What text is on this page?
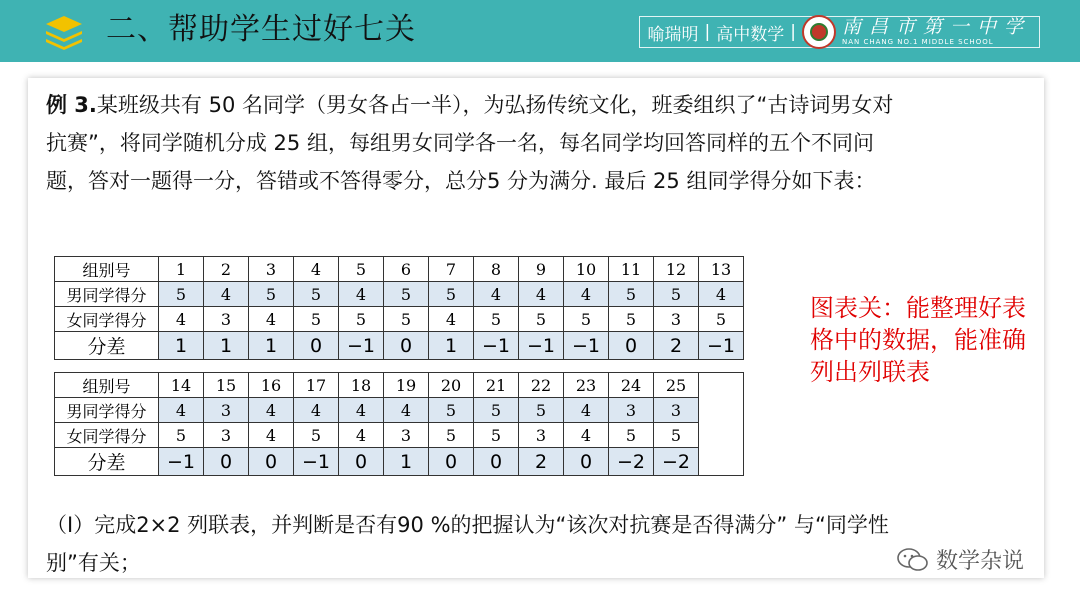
二、帮助学生过好七关	喻瑞明 | 高中数学 | 南昌市第一中学
NAN CHANG NO.1 MIDDLE SCHOOL
例 3.某班级共有 50 名同学（男女各占一半），为弘扬传统文化，班委组织了“古诗词男女对抗赛”，将同学随机分成 25 组，每组男女同学各一名，每名同学均回答同样的五个不同问题，答对一题得一分，答错或不答得零分，总分5 分为满分. 最后 25 组同学得分如下表：
组别号	1	2	3	4	5	6	7	8	9	10	11	12	13
男同学得分	5	4	5	5	4	5	5	4	4	4	5	5	4
女同学得分	4	3	4	5	5	5	4	5	5	5	5	3	5
分差	1	1	1	0	−1	0	1	−1	−1	−1	0	2	−1
组别号	14	15	16	17	18	19	20	21	22	23	24	25	
男同学得分	4	3	4	4	4	4	5	5	5	4	3	3	
女同学得分	5	3	4	5	4	3	5	5	3	4	5	5	
分差	−1	0	0	−1	0	1	0	0	2	0	−2	−2	
图表关：能整理好表格中的数据，能准确列出列联表
（Ⅰ）完成2×2 列联表，并判断是否有90 %的把握认为“该次对抗赛是否得满分” 与“同学性别”有关；	数学杂说
